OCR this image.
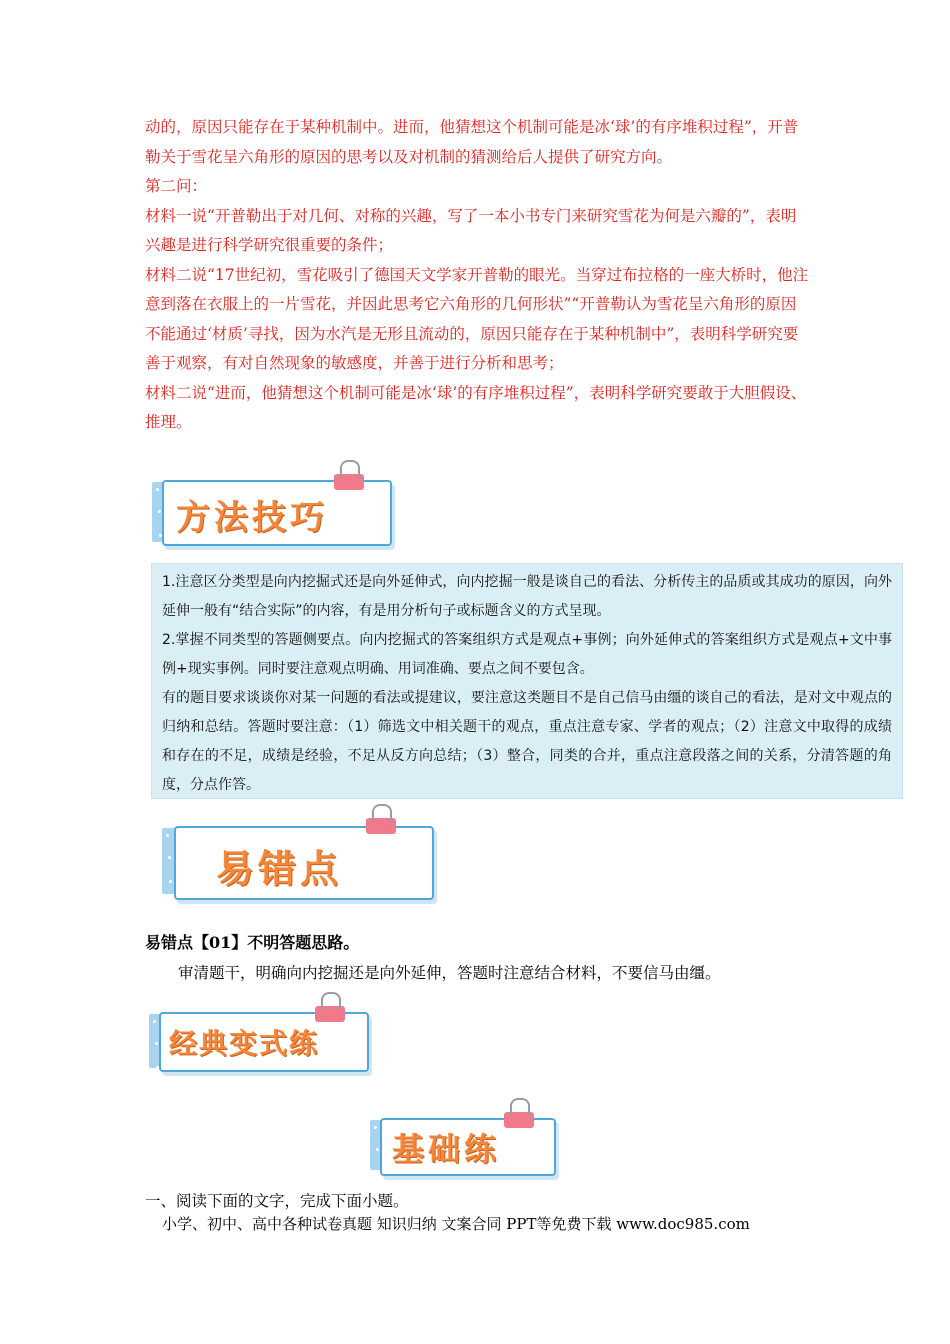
动的，原因只能存在于某种机制中。进而，他猜想这个机制可能是冰‘球’的有序堆积过程”，开普勒关于雪花呈六角形的原因的思考以及对机制的猜测给后人提供了研究方向。

第二问：

材料一说“开普勒出于对几何、对称的兴趣，写了一本小书专门来研究雪花为何是六瓣的”，表明兴趣是进行科学研究很重要的条件；

材料二说“17世纪初，雪花吸引了德国天文学家开普勒的眼光。当穿过布拉格的一座大桥时，他注意到落在衣服上的一片雪花，并因此思考它六角形的几何形状”“开普勒认为雪花呈六角形的原因不能通过‘材质’寻找，因为水汽是无形且流动的，原因只能存在于某种机制中”，表明科学研究要善于观察，有对自然现象的敏感度，并善于进行分析和思考；

材料二说“进而，他猜想这个机制可能是冰‘球’的有序堆积过程”，表明科学研究要敢于大胆假设、推理。

方法技巧

1.注意区分类型是向内挖掘式还是向外延伸式，向内挖掘一般是谈自己的看法、分析传主的品质或其成功的原因，向外延伸一般有“结合实际”的内容，有是用分析句子或标题含义的方式呈现。

2.掌握不同类型的答题侧要点。向内挖掘式的答案组织方式是观点+事例；向外延伸式的答案组织方式是观点+文中事例+现实事例。同时要注意观点明确、用词准确、要点之间不要包含。

有的题目要求谈谈你对某一问题的看法或提建议，要注意这类题目不是自己信马由缰的谈自己的看法，是对文中观点的归纳和总结。答题时要注意：（1）筛选文中相关题干的观点，重点注意专家、学者的观点；（2）注意文中取得的成绩和存在的不足，成绩是经验，不足从反方向总结；（3）整合，同类的合并，重点注意段落之间的关系，分清答题的角度，分点作答。

易错点
易错点【01】不明答题思路。
审清题干，明确向内挖掘还是向外延伸，答题时注意结合材料，不要信马由缰。
经典变式练
基础练
一、阅读下面的文字，完成下面小题。
小学、初中、高中各种试卷真题 知识归纳 文案合同 PPT等免费下载 www.doc985.com
